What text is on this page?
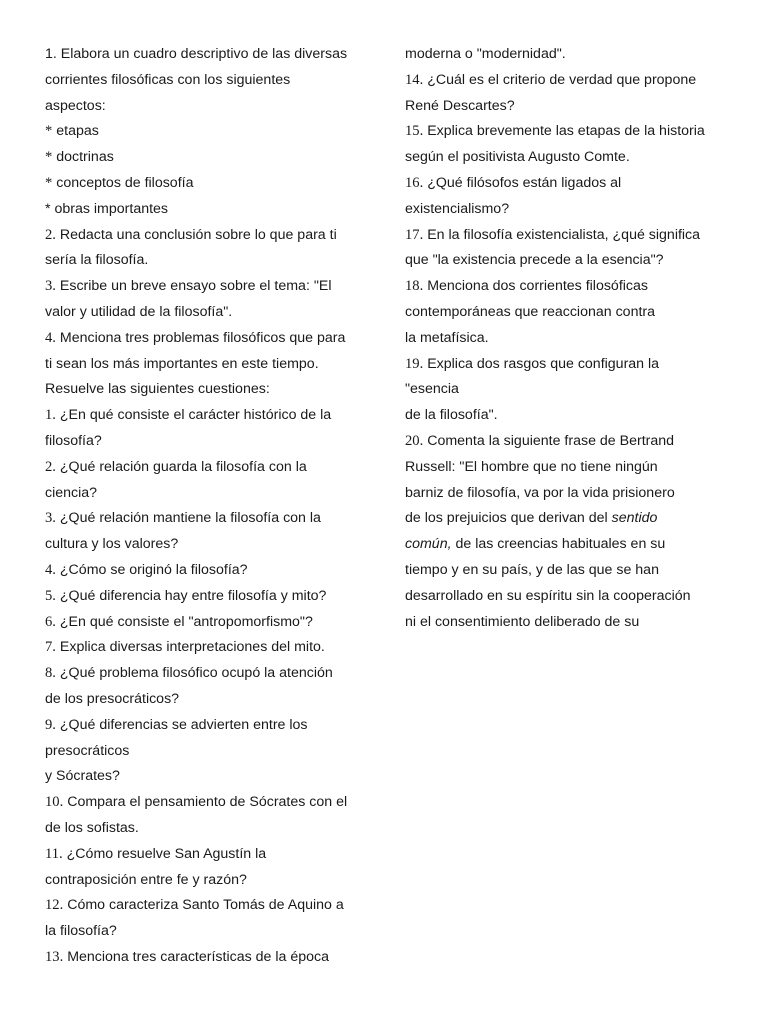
1. Elabora un cuadro descriptivo de las diversas
corrientes filosóficas con los siguientes
aspectos:
* etapas
* doctrinas
* conceptos de filosofía
* obras importantes
2. Redacta una conclusión sobre lo que para ti
sería la filosofía.
3. Escribe un breve ensayo sobre el tema: "El
valor y utilidad de la filosofía".
4. Menciona tres problemas filosóficos que para
ti sean los más importantes en este tiempo.
Resuelve las siguientes cuestiones:
1. ¿En qué consiste el carácter histórico de la
filosofía?
2. ¿Qué relación guarda la filosofía con la
ciencia?
3. ¿Qué relación mantiene la filosofía con la
cultura y los valores?
4. ¿Cómo se originó la filosofía?
5. ¿Qué diferencia hay entre filosofía y mito?
6. ¿En qué consiste el "antropomorfismo"?
7. Explica diversas interpretaciones del mito.
8. ¿Qué problema filosófico ocupó la atención
de los presocráticos?
9. ¿Qué diferencias se advierten entre los
presocráticos
y Sócrates?
10. Compara el pensamiento de Sócrates con el
de los sofistas.
11. ¿Cómo resuelve San Agustín la
contraposición entre fe y razón?
12. Cómo caracteriza Santo Tomás de Aquino a
la filosofía?
13. Menciona tres características de la época
moderna o "modernidad".
14. ¿Cuál es el criterio de verdad que propone
René Descartes?
15. Explica brevemente las etapas de la historia
según el positivista Augusto Comte.
16. ¿Qué filósofos están ligados al
existencialismo?
17. En la filosofía existencialista, ¿qué significa
que "la existencia precede a la esencia"?
18. Menciona dos corrientes filosóficas
contemporáneas que reaccionan contra
la metafísica.
19. Explica dos rasgos que configuran la
"esencia
de la filosofía".
20. Comenta la siguiente frase de Bertrand
Russell: "El hombre que no tiene ningún
barniz de filosofía, va por la vida prisionero
de los prejuicios que derivan del sentido
común, de las creencias habituales en su
tiempo y en su país, y de las que se han
desarrollado en su espíritu sin la cooperación
ni el consentimiento deliberado de su
